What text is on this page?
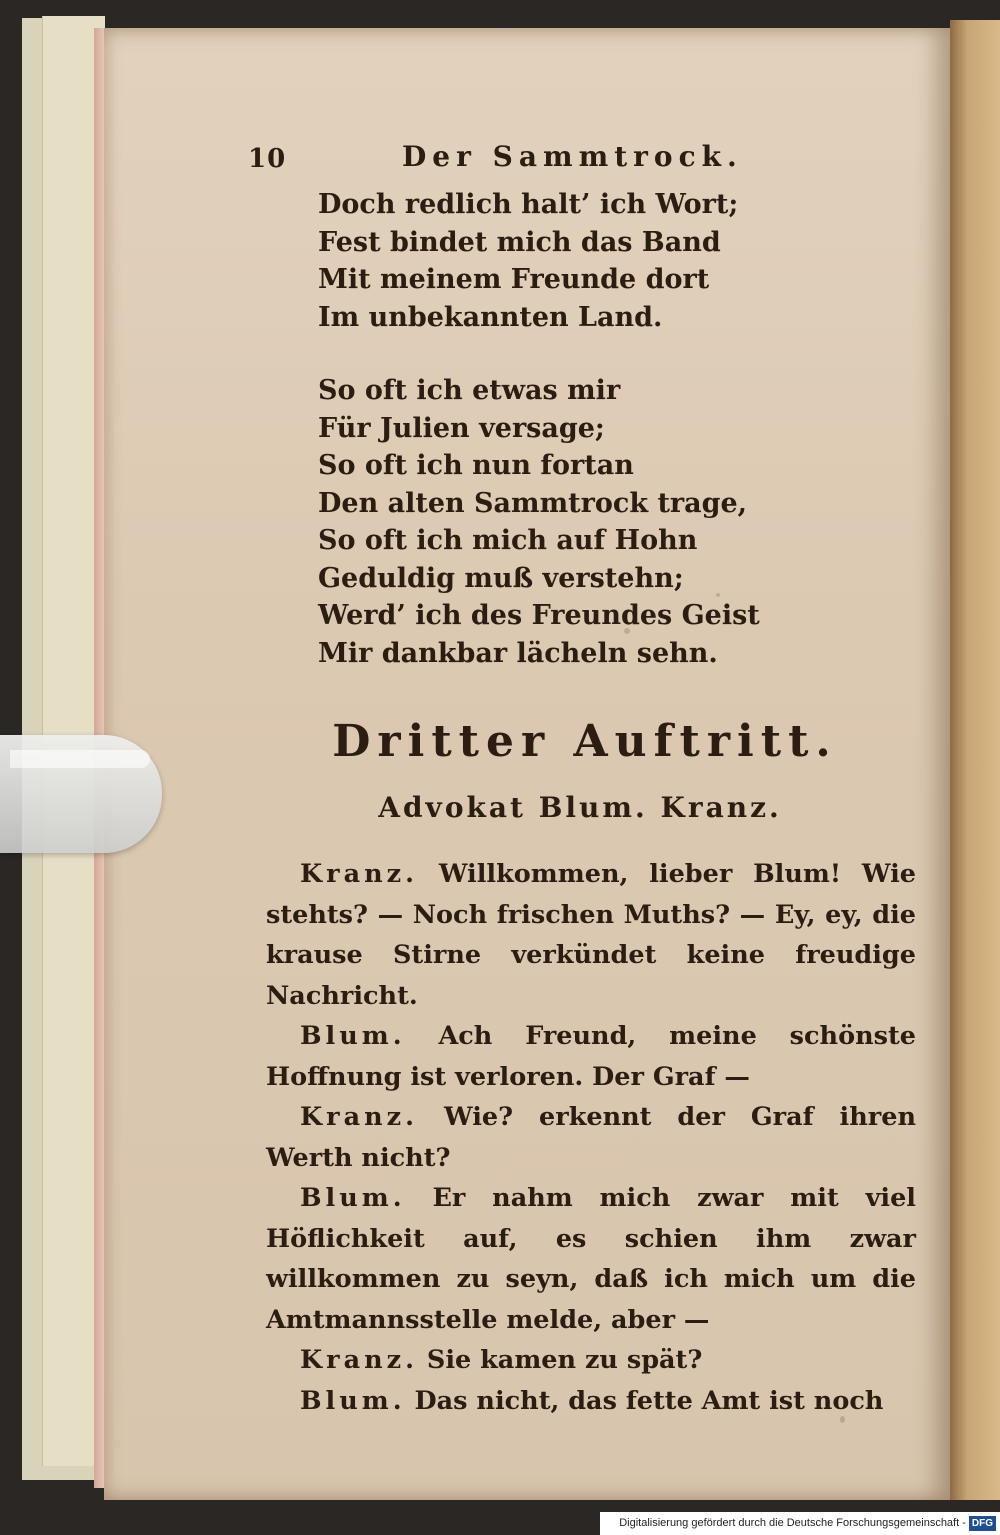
10	Der Sammtrock.
Doch redlich halt’ ich Wort;
Fest bindet mich das Band
Mit meinem Freunde dort
Im unbekannten Land.
So oft ich etwas mir
Für Julien versage;
So oft ich nun fortan
Den alten Sammtrock trage,
So oft ich mich auf Hohn
Geduldig muß verstehn;
Werd’ ich des Freundes Geist
Mir dankbar lächeln sehn.
Dritter Auftritt.
Advokat Blum. Kranz.

Kranz. Willkommen, lieber Blum! Wie stehts? — Noch frischen Muths? — Ey, ey, die krause Stirne verkündet keine freudige Nachricht.

Blum. Ach Freund, meine schönste Hoffnung ist verloren. Der Graf —

Kranz. Wie? erkennt der Graf ihren Werth nicht?

Blum. Er nahm mich zwar mit viel Höflichkeit auf, es schien ihm zwar willkommen zu seyn, daß ich mich um die Amtmannsstelle melde, aber —

Kranz. Sie kamen zu spät?

Blum. Das nicht, das fette Amt ist noch

Digitalisierung gefördert durch die Deutsche Forschungsgemeinschaft - DFG
